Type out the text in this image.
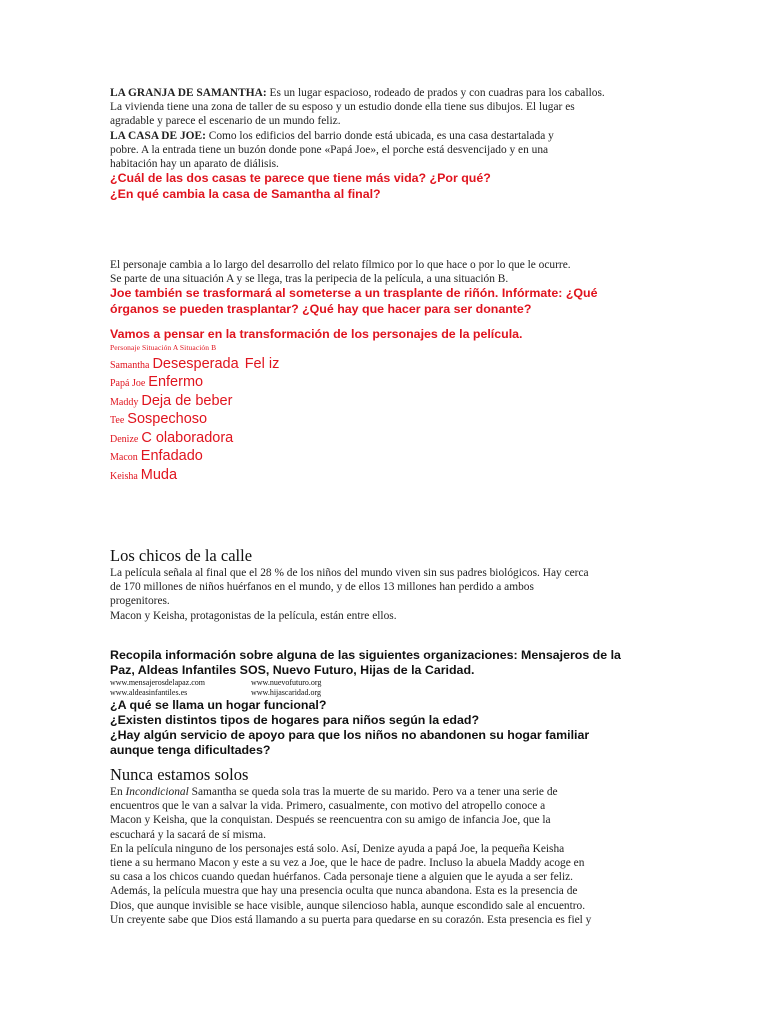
LA GRANJA DE SAMANTHA: Es un lugar espacioso, rodeado de prados y con cuadras para los caballos.

La vivienda tiene una zona de taller de su esposo y un estudio donde ella tiene sus dibujos. El lugar es

agradable y parece el escenario de un mundo feliz.

LA CASA DE JOE: Como los edificios del barrio donde está ubicada, es una casa destartalada y

pobre. A la entrada tiene un buzón donde pone «Papá Joe», el porche está desvencijado y en una

habitación hay un aparato de diálisis.

¿Cuál de las dos casas te parece que tiene más vida? ¿Por qué?

¿En qué cambia la casa de Samantha al final?

El personaje cambia a lo largo del desarrollo del relato fílmico por lo que hace o por lo que le ocurre.

Se parte de una situación A y se llega, tras la peripecia de la película, a una situación B.

Joe también se trasformará al someterse a un trasplante de riñón. Infórmate: ¿Qué

órganos se pueden trasplantar? ¿Qué hay que hacer para ser donante?

Vamos a pensar en la transformación de los personajes de la película.

Personaje Situación A Situación B

Samantha Desesperada Fel iz
Papá Joe Enfermo
Maddy Deja de beber
Tee Sospechoso
Denize C olaboradora
Macon Enfadado
Keisha Muda

Los chicos de la calle

La película señala al final que el 28 % de los niños del mundo viven sin sus padres biológicos. Hay cerca

de 170 millones de niños huérfanos en el mundo, y de ellos 13 millones han perdido a ambos

progenitores.

Macon y Keisha, protagonistas de la película, están entre ellos.

Recopila información sobre alguna de las siguientes organizaciones: Mensajeros de la

Paz, Aldeas Infantiles SOS, Nuevo Futuro, Hijas de la Caridad.

www.mensajerosdelapaz.com	www.nuevofuturo.org
www.aldeasinfantiles.es	www.hijascaridad.org

¿A qué se llama un hogar funcional?

¿Existen distintos tipos de hogares para niños según la edad?

¿Hay algún servicio de apoyo para que los niños no abandonen su hogar familiar

aunque tenga dificultades?

Nunca estamos solos

En Incondicional Samantha se queda sola tras la muerte de su marido. Pero va a tener una serie de

encuentros que le van a salvar la vida. Primero, casualmente, con motivo del atropello conoce a

Macon y Keisha, que la conquistan. Después se reencuentra con su amigo de infancia Joe, que la

escuchará y la sacará de sí misma.

En la película ninguno de los personajes está solo. Así, Denize ayuda a papá Joe, la pequeña Keisha

tiene a su hermano Macon y este a su vez a Joe, que le hace de padre. Incluso la abuela Maddy acoge en

su casa a los chicos cuando quedan huérfanos. Cada personaje tiene a alguien que le ayuda a ser feliz.

Además, la película muestra que hay una presencia oculta que nunca abandona. Esta es la presencia de

Dios, que aunque invisible se hace visible, aunque silencioso habla, aunque escondido sale al encuentro.

Un creyente sabe que Dios está llamando a su puerta para quedarse en su corazón. Esta presencia es fiel y
